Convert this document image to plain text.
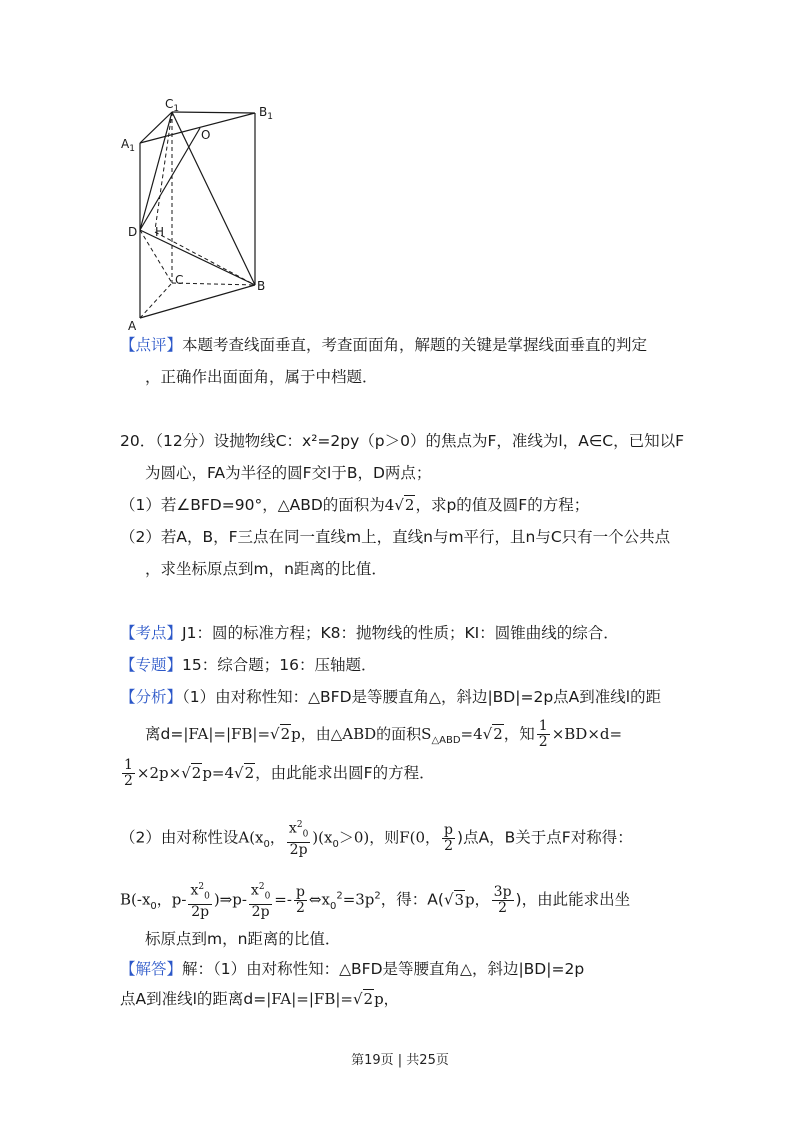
$C_1$	$B_1$
$A_1$
O
D H
C	B
A
【点评】本题考查线面垂直，考查面面角，解题的关键是掌握线面垂直的判定
，正确作出面面角，属于中档题．
20．（12分）设抛物线C：x²=2py（p＞0）的焦点为F，准线为l，A∈C，已知以F
为圆心，FA为半径的圆F交l于B，D两点；
（1）若∠BFD=90°，△ABD的面积为4√2，求p的值及圆F的方程；
（2）若A，B，F三点在同一直线m上，直线n与m平行，且n与C只有一个公共点
，求坐标原点到m，n距离的比值．
【考点】J1：圆的标准方程；K8：抛物线的性质；KI：圆锥曲线的综合．
【专题】15：综合题；16：压轴题．
【分析】（1）由对称性知：△BFD是等腰直角△，斜边|BD|=2p点A到准线l的距
离d=|FA|=|FB|=√2p，由△ABD的面积$S_{\triangle ABD}=4√2$，知 $\frac{1}{2} \times BD\times d=$
$\frac{1}{2} \times 2p\times√2p=4√2$，由此能求出圆F的方程．
（2）由对称性设$A(x_0$， $\frac{x^2_0}{2p} )(x_0>0)$，则F(0， $\frac{p}{2}$ )点A，B关于点F对称得：
$B(-x_0$，$p- \frac{x^2_0}{2p}$ )⇒p- $\frac{x^2_0}{2p} =- \frac{p}{2}$ $\Leftrightarrow x_0^2=3p^2$，得：A(√3p， $\frac{3p}{2}$ )，由此能求出坐
标原点到m，n距离的比值．
【解答】解：（1）由对称性知：△BFD是等腰直角△，斜边|BD|=2p
点A到准线l的距离d=|FA|=|FB|=√2p，
第19页 | 共25页
